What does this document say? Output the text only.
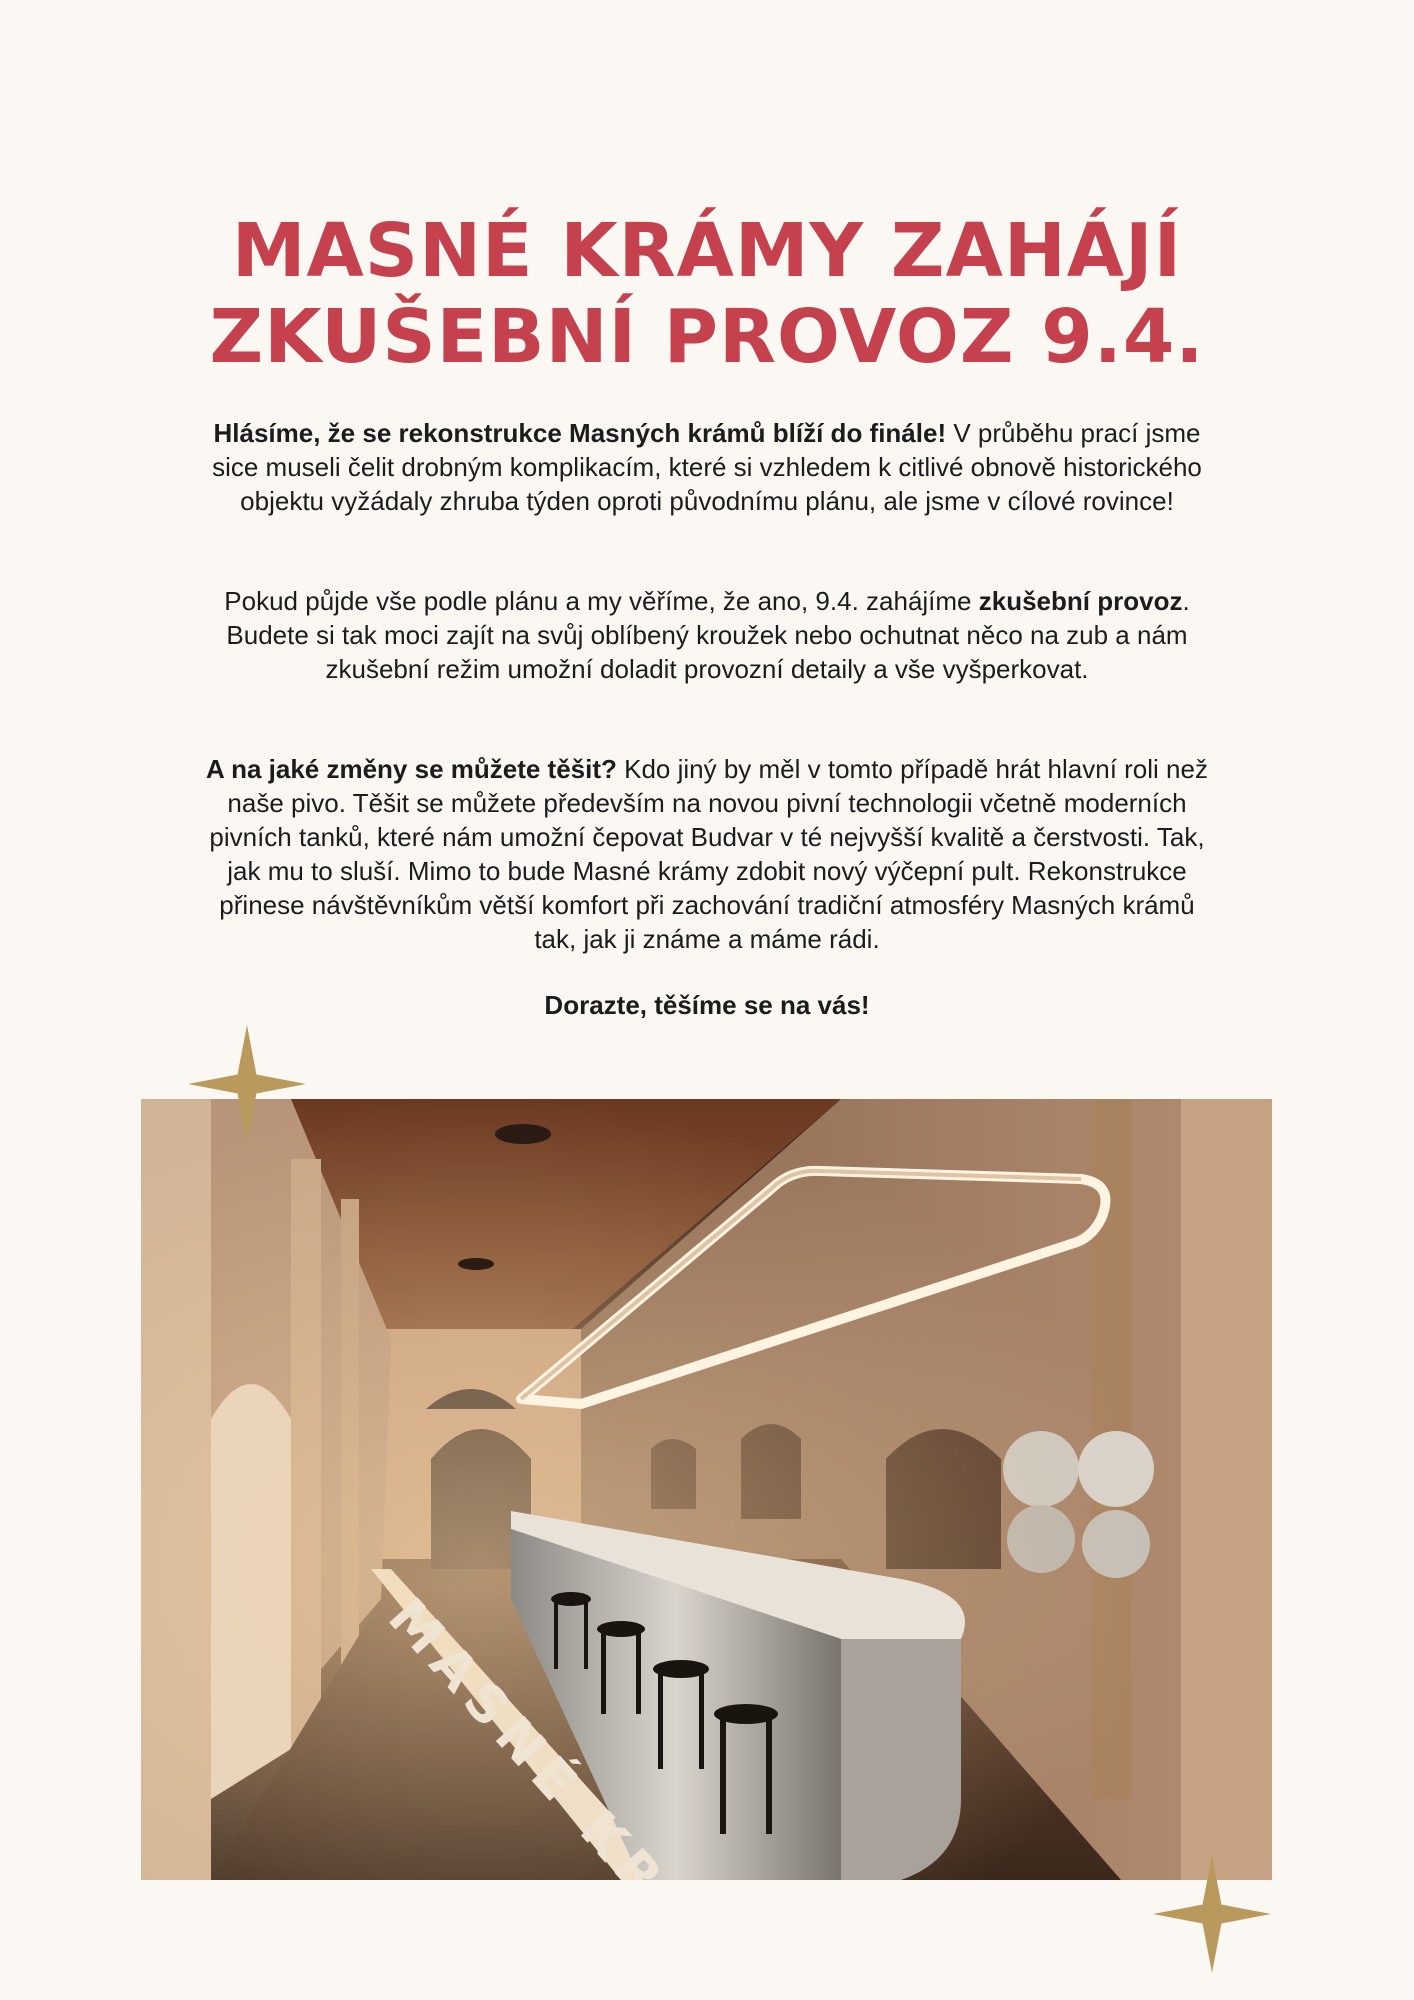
MASNÉ KRÁMY ZAHÁJÍ
ZKUŠEBNÍ PROVOZ 9.4.

Hlásíme, že se rekonstrukce Masných krámů blíží do finále! V průběhu prací jsme sice museli čelit drobným komplikacím, které si vzhledem k citlivé obnově historického objektu vyžádaly zhruba týden oproti původnímu plánu, ale jsme v cílové rovince!

Pokud půjde vše podle plánu a my věříme, že ano, 9.4. zahájíme zkušební provoz. Budete si tak moci zajít na svůj oblíbený kroužek nebo ochutnat něco na zub a nám zkušební režim umožní doladit provozní detaily a vše vyšperkovat.

A na jaké změny se můžete těšit? Kdo jiný by měl v tomto případě hrát hlavní roli než naše pivo. Těšit se můžete především na novou pivní technologii včetně moderních pivních tanků, které nám umožní čepovat Budvar v té nejvyšší kvalitě a čerstvosti. Tak, jak mu to sluší. Mimo to bude Masné krámy zdobit nový výčepní pult. Rekonstrukce přinese návštěvníkům větší komfort při zachování tradiční atmosféry Masných krámů tak, jak ji známe a máme rádi.

Dorazte, těšíme se na vás!

MASNÉ
